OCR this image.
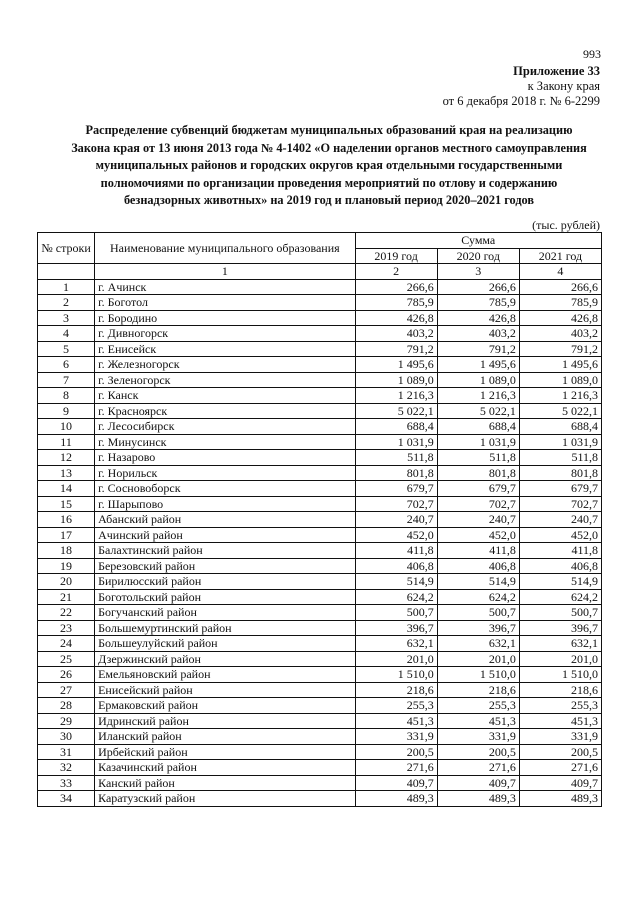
993
Приложение 33
к Закону края
от 6 декабря 2018 г. № 6-2299
Распределение субвенций бюджетам муниципальных образований края на реализацию
Закона края от 13 июня 2013 года № 4-1402 «О наделении органов местного самоуправления
муниципальных районов и городских округов края отдельными государственными
полномочиями по организации проведения мероприятий по отлову и содержанию
безнадзорных животных» на 2019 год и плановый период 2020–2021 годов
(тыс. рублей)
№ строки	Наименование муниципального образования	Сумма		
		2019 год	2020 год	2021 год
	1	2	3	4
1	г. Ачинск	266,6	266,6	266,6
2	г. Боготол	785,9	785,9	785,9
3	г. Бородино	426,8	426,8	426,8
4	г. Дивногорск	403,2	403,2	403,2
5	г. Енисейск	791,2	791,2	791,2
6	г. Железногорск	1 495,6	1 495,6	1 495,6
7	г. Зеленогорск	1 089,0	1 089,0	1 089,0
8	г. Канск	1 216,3	1 216,3	1 216,3
9	г. Красноярск	5 022,1	5 022,1	5 022,1
10	г. Лесосибирск	688,4	688,4	688,4
11	г. Минусинск	1 031,9	1 031,9	1 031,9
12	г. Назарово	511,8	511,8	511,8
13	г. Норильск	801,8	801,8	801,8
14	г. Сосновоборск	679,7	679,7	679,7
15	г. Шарыпово	702,7	702,7	702,7
16	Абанский район	240,7	240,7	240,7
17	Ачинский район	452,0	452,0	452,0
18	Балахтинский район	411,8	411,8	411,8
19	Березовский район	406,8	406,8	406,8
20	Бирилюсский район	514,9	514,9	514,9
21	Боготольский район	624,2	624,2	624,2
22	Богучанский район	500,7	500,7	500,7
23	Большемуртинский район	396,7	396,7	396,7
24	Большеулуйский район	632,1	632,1	632,1
25	Дзержинский район	201,0	201,0	201,0
26	Емельяновский район	1 510,0	1 510,0	1 510,0
27	Енисейский район	218,6	218,6	218,6
28	Ермаковский район	255,3	255,3	255,3
29	Идринский район	451,3	451,3	451,3
30	Иланский район	331,9	331,9	331,9
31	Ирбейский район	200,5	200,5	200,5
32	Казачинский район	271,6	271,6	271,6
33	Канский район	409,7	409,7	409,7
34	Каратузский район	489,3	489,3	489,3
